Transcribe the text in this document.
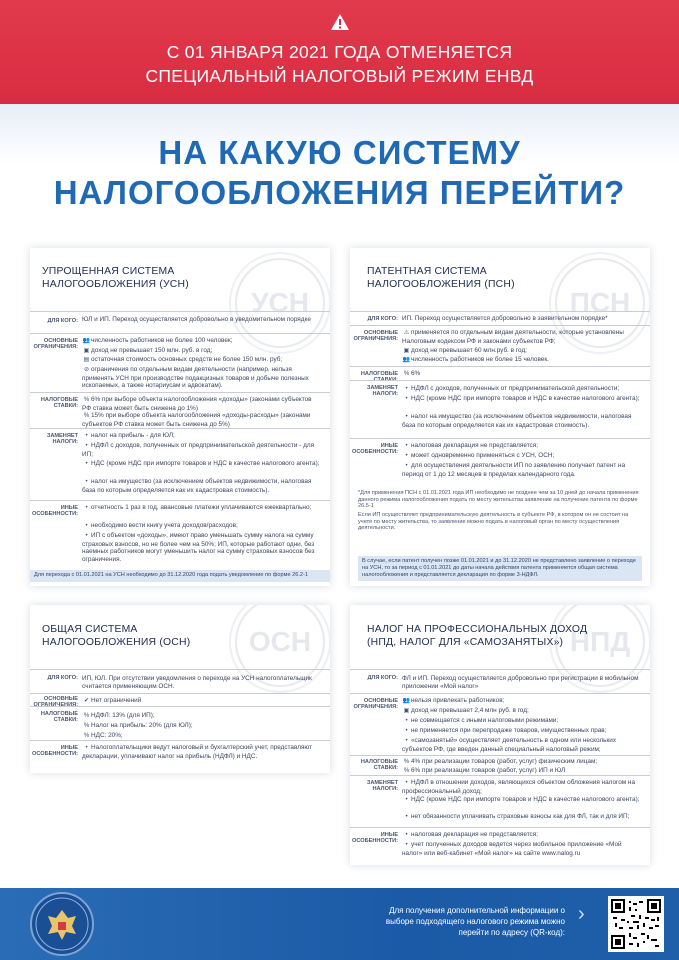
С 01 ЯНВАРЯ 2021 ГОДА ОТМЕНЯЕТСЯ
СПЕЦИАЛЬНЫЙ НАЛОГОВЫЙ РЕЖИМ ЕНВД
НА КАКУЮ СИСТЕМУ
НАЛОГООБЛОЖЕНИЯ ПЕРЕЙТИ?
УСН
УПРОЩЕННАЯ СИСТЕМА
НАЛОГООБЛОЖЕНИЯ (УСН)
ДЛЯ КОГО: ЮЛ и ИП. Переход осуществляется добровольно в уведомительном порядке
ОСНОВНЫЕ ОГРАНИЧЕНИЯ:
👥численность работников не более 100 человек;
▣ доход не превышает 150 млн. руб. в год;
▤ остаточная стоимость основных средств не более 150 млн. руб;
⊘ ограничения по отдельным видам деятельности (например, нельзя применять УСН при производстве подакцизных товаров и добыче полезных ископаемых, а также нотариусам и адвокатам).
НАЛОГОВЫЕ СТАВКИ:
% 6% при выборе объекта налогообложения «доходы» (законами субъектов РФ ставка может быть снижена до 1%)
% 15% при выборе объекта налогообложения «доходы-расходы» (законами субъектов РФ ставка может быть снижена до 5%)
ЗАМЕНЯЕТ НАЛОГИ:
• налог на прибыль - для ЮЛ;
• НДФЛ с доходов, полученных от предпринимательской деятельности - для ИП;
• НДС (кроме НДС при импорте товаров и НДС в качестве налогового агента);
• налог на имущество (за исключением объектов недвижимости, налоговая база по которым определяется как их кадастровая стоимость).
ИНЫЕ ОСОБЕННОСТИ:
• отчетность 1 раз в год, авансовые платежи уплачиваются ежеквартально;
• необходимо вести книгу учета доходов/расходов;
• ИП с объектом «доходы», имеют право уменьшать сумму налога на сумму страховых взносов, но не более чем на 50%; ИП, которые работают одни, без наемных работников могут уменьшить налог на сумму страховых взносов без ограничения.
Для перехода с 01.01.2021 на УСН необходимо до 31.12.2020 года подать уведомление по форме 26.2-1
ПСН
ПАТЕНТНАЯ СИСТЕМА
НАЛОГООБЛОЖЕНИЯ (ПСН)
ДЛЯ КОГО: ИП. Переход осуществляется добровольно в заявительном порядке*
ОСНОВНЫЕ ОГРАНИЧЕНИЯ:
⚠ применяется по отдельным видам деятельности, которые установлены Налоговым кодексом РФ и законами субъектов РФ;
▣ доход не превышает 60 млн.руб. в год;
👥численность работников не более 15 человек.
НАЛОГОВЫЕ СТАВКИ:
% 6%
ЗАМЕНЯЕТ НАЛОГИ:
• НДФЛ с доходов, полученных от предпринимательской деятельности;
• НДС (кроме НДС при импорте товаров и НДС в качестве налогового агента);
• налог на имущество (за исключением объектов недвижимости, налоговая база по которым определяется как их кадастровая стоимость).
ИНЫЕ ОСОБЕННОСТИ:
• налоговая декларация не представляется;
• может одновременно применяться с УСН, ОСН;
• для осуществления деятельности ИП по заявлению получает патент на период от 1 до 12 месяцев в пределах календарного года.
*Для применения ПСН с 01.01.2021 года ИП необходимо не позднее чем за 10 дней до начала применения данного режима налогообложения подать по месту жительства заявление на получение патента по форме 26.5-1
Если ИП осуществляет предпринимательскую деятельность в субъекте РФ, в котором он не состоит на учете по месту жительства, то заявление можно подать в налоговый орган по месту осуществления деятельности.
В случае, если патент получен позже 01.01.2021 и до 31.12.2020 не представлено заявление о переходе на УСН, то за период с 01.01.2021 до даты начала действия патента применяется общая система налогообложения и представляется декларация по форме 3-НДФЛ.
ОСН
ОБЩАЯ СИСТЕМА
НАЛОГООБЛОЖЕНИЯ (ОСН)
ДЛЯ КОГО: ИП, ЮЛ. При отсутствии уведомления о переходе на УСН налогоплательщик считается применяющим ОСН.
ОСНОВНЫЕ ОГРАНИЧЕНИЯ:
✔ Нет ограничений
НАЛОГОВЫЕ СТАВКИ:
% НДФЛ: 13% (для ИП);
% Налог на прибыль: 20% (для ЮЛ);
% НДС: 20%;
ИНЫЕ ОСОБЕННОСТИ:
• Налогоплательщики ведут налоговый и бухгалтерский учет, представляют декларации, уплачивают налог на прибыль (НДФЛ) и НДС.
НПД
НАЛОГ НА ПРОФЕССИОНАЛЬНЫХ ДОХОД
(НПД, НАЛОГ ДЛЯ «САМОЗАНЯТЫХ»)
ДЛЯ КОГО: ФЛ и ИП. Переход осуществляется добровольно при регистрации в мобильном приложении «Мой налог»
ОСНОВНЫЕ ОГРАНИЧЕНИЯ:
👥нельзя привлекать работников;
▣ доход не превышает 2,4 млн руб. в год;
• не совмещается с иными налоговыми режимами;
• не применяется при перепродаже товаров, имущественных прав;
• «самозанятый» осуществляет деятельность в одном или нескольких субъектов РФ, где введен данный специальный налоговый режим;
НАЛОГОВЫЕ СТАВКИ:
% 4% при реализации товаров (работ, услуг) физическим лицам;
% 6% при реализации товаров (работ, услуг) ИП и ЮЛ
ЗАМЕНЯЕТ НАЛОГИ:
• НДФЛ в отношении доходов, являющихся объектом обложения налогом на профессиональный доход;
• НДС (кроме НДС при импорте товаров и НДС в качестве налогового агента);
• нет обязанности уплачивать страховые взносы как для ФЛ, так и для ИП;
ИНЫЕ ОСОБЕННОСТИ:
• налоговая декларация не представляется;
• учет полученных доходов ведется через мобильное приложение «Мой налог» или веб-кабинет «Мой налог» на сайте www.nalog.ru
Для получения дополнительной информации о выборе подходящего налогового режима можно перейти по адресу (QR-код):
›
